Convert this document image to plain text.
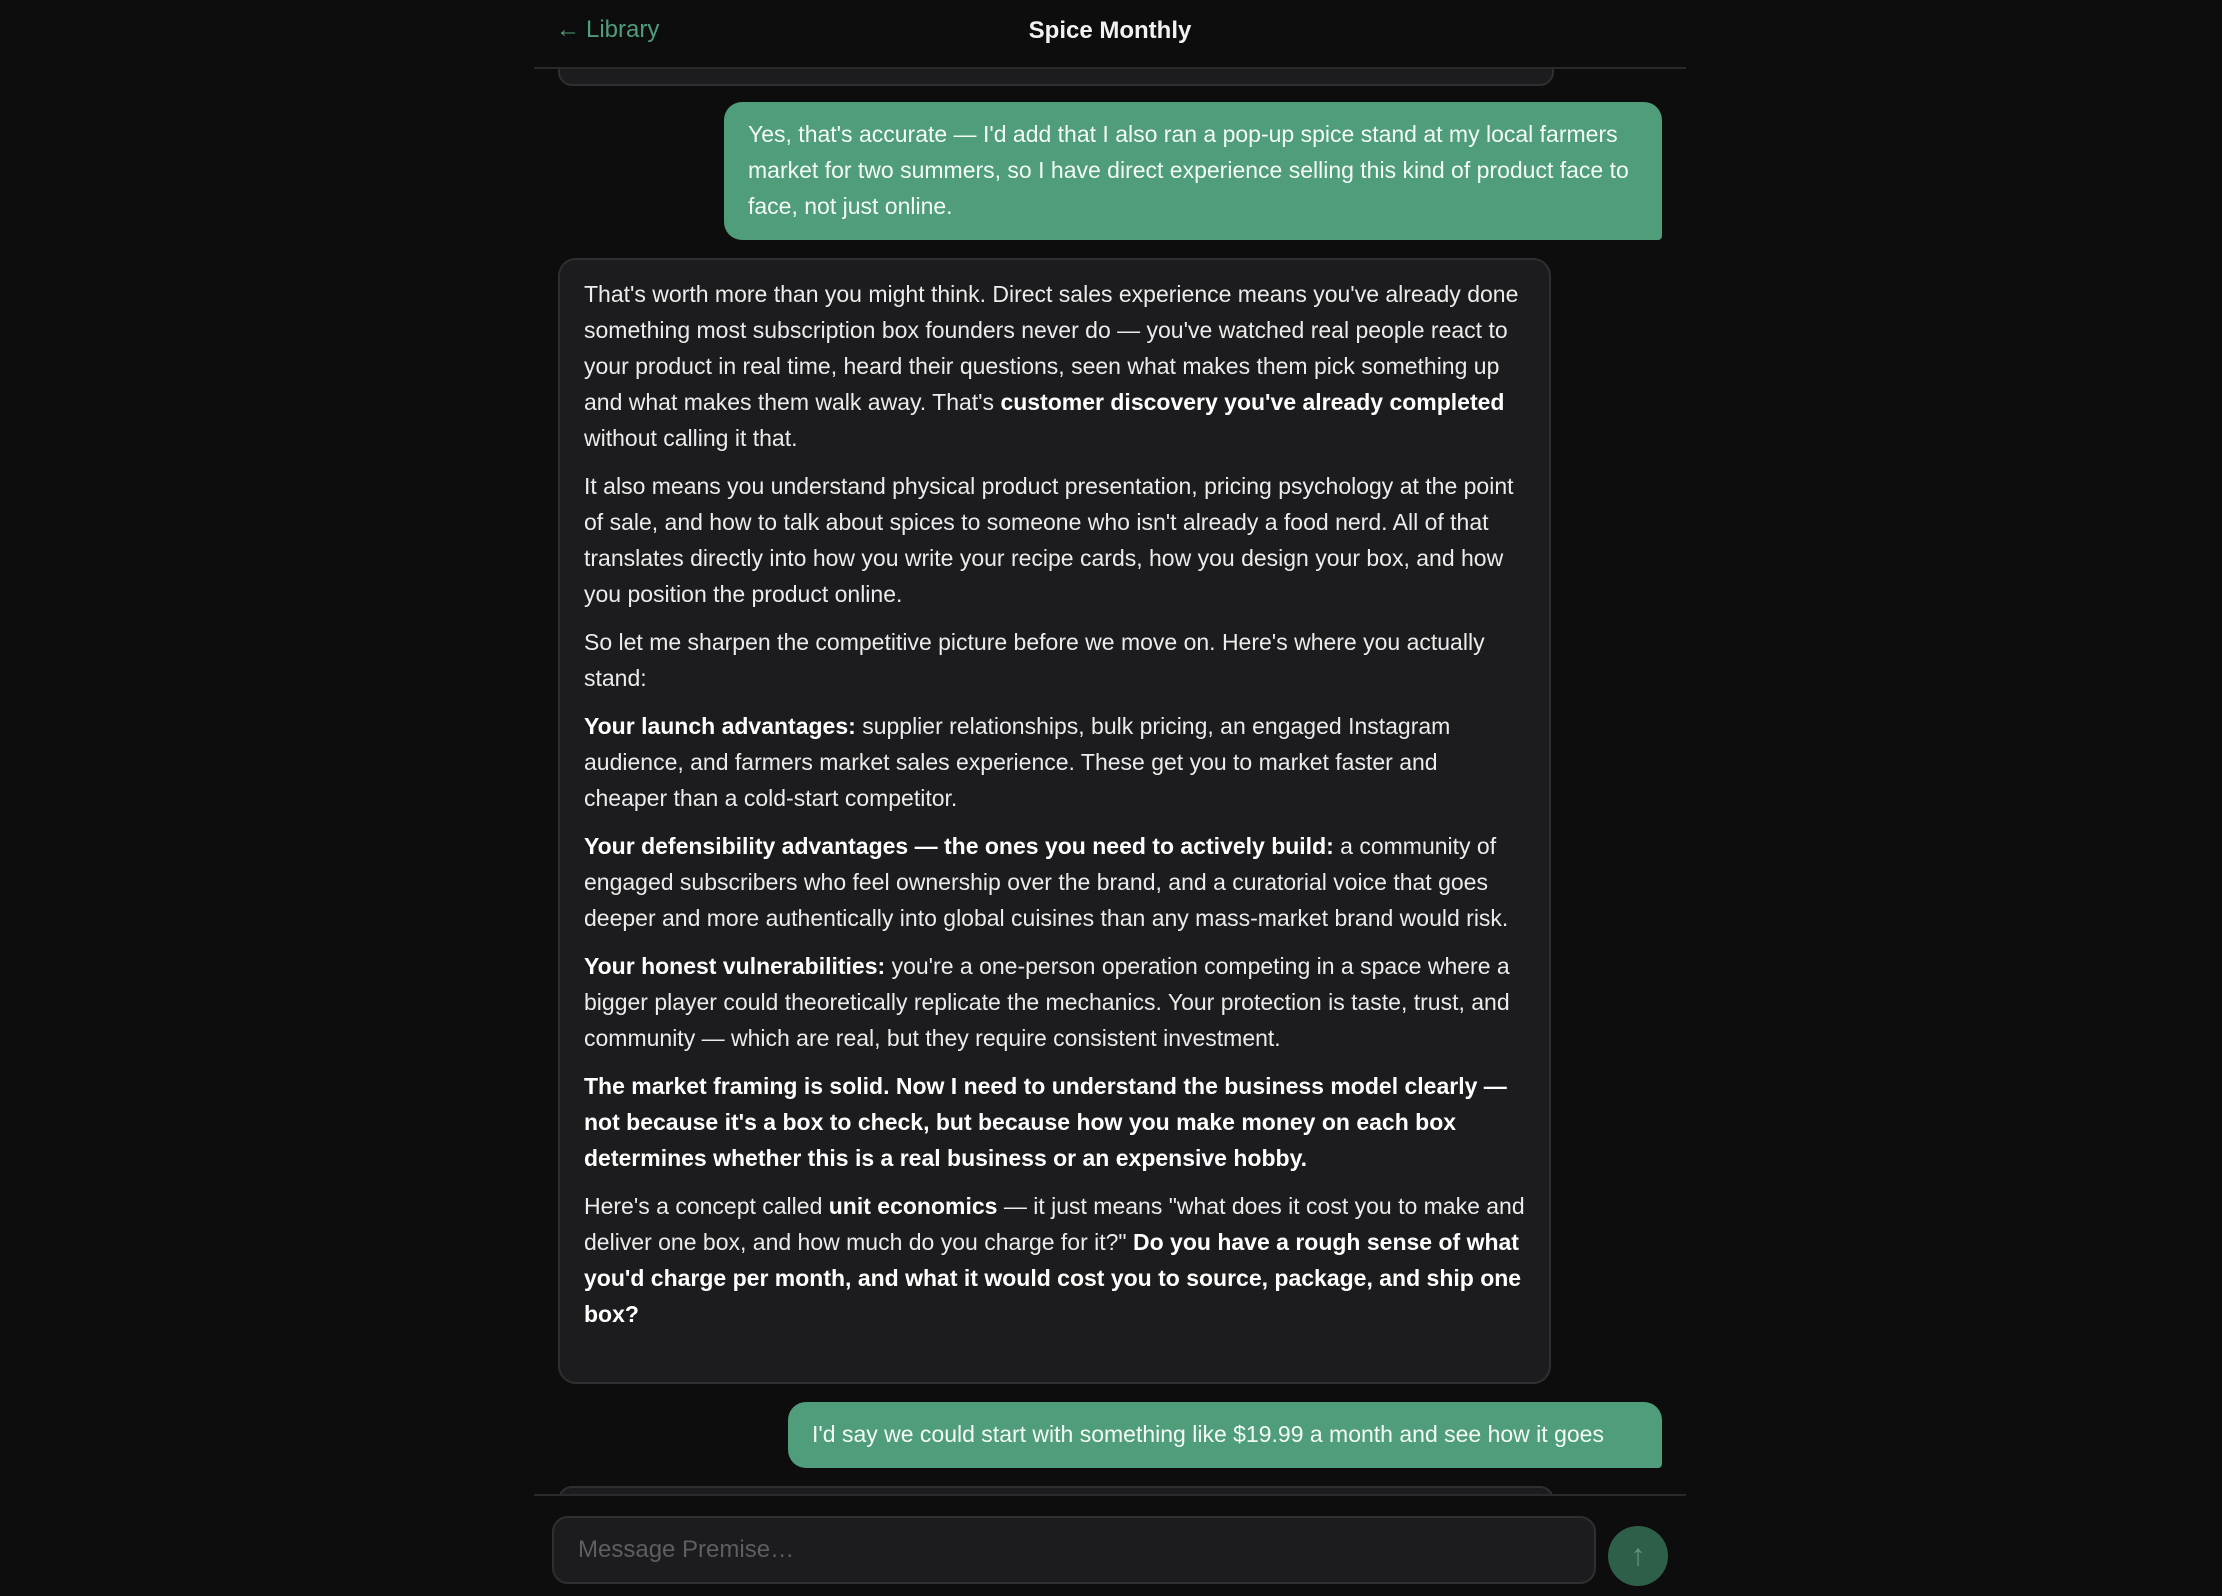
Yes, that's accurate — I'd add that I also ran a pop-up spice stand at my local farmers market for two summers, so I have direct experience selling this kind of product face to face, not just online.

That's worth more than you might think. Direct sales experience means you've already done something most subscription box founders never do — you've watched real people react to your product in real time, heard their questions, seen what makes them pick something up and what makes them walk away. That's customer discovery you've already completed without calling it that.

It also means you understand physical product presentation, pricing psychology at the point of sale, and how to talk about spices to someone who isn't already a food nerd. All of that translates directly into how you write your recipe cards, how you design your box, and how you position the product online.

So let me sharpen the competitive picture before we move on. Here's where you actually stand:

Your launch advantages: supplier relationships, bulk pricing, an engaged Instagram audience, and farmers market sales experience. These get you to market faster and cheaper than a cold-start competitor.

Your defensibility advantages — the ones you need to actively build: a community of engaged subscribers who feel ownership over the brand, and a curatorial voice that goes deeper and more authentically into global cuisines than any mass-market brand would risk.

Your honest vulnerabilities: you're a one-person operation competing in a space where a bigger player could theoretically replicate the mechanics. Your protection is taste, trust, and community — which are real, but they require consistent investment.

The market framing is solid. Now I need to understand the business model clearly — not because it's a box to check, but because how you make money on each box determines whether this is a real business or an expensive hobby.

Here's a concept called unit economics — it just means "what does it cost you to make and deliver one box, and how much do you charge for it?" Do you have a rough sense of what you'd charge per month, and what it would cost you to source, package, and ship one box?

I'd say we could start with something like $19.99 a month and see how it goes
← Library	Spice Monthly
Message Premise…
↑
